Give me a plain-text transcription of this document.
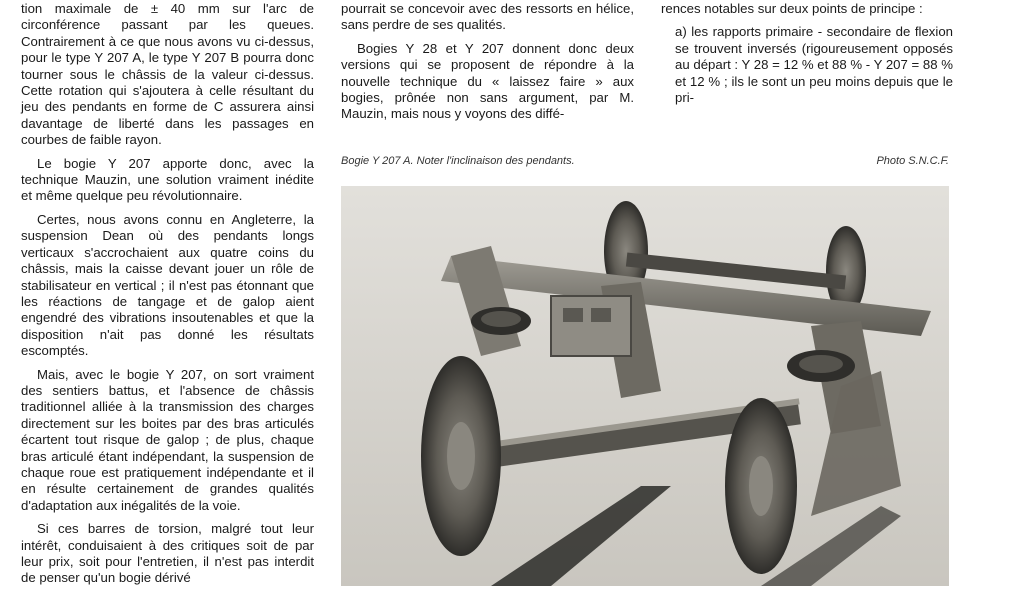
tion maximale de ± 40 mm sur l'arc de circonférence passant par les queues. Contrairement à ce que nous avons vu ci-dessus, pour le type Y 207 A, le type Y 207 B pourra donc tourner sous le châssis de la valeur ci-dessus. Cette rotation qui s'ajoutera à celle résultant du jeu des pendants en forme de C assurera ainsi davantage de liberté dans les passages en courbes de faible rayon.

Le bogie Y 207 apporte donc, avec la technique Mauzin, une solution vraiment inédite et même quelque peu révolutionnaire.

Certes, nous avons connu en Angleterre, la suspension Dean où des pendants longs verticaux s'accrochaient aux quatre coins du châssis, mais la caisse devant jouer un rôle de stabilisateur en vertical ; il n'est pas étonnant que les réactions de tangage et de galop aient engendré des vibrations insoutenables et que la disposition n'ait pas donné les résultats escomptés.

Mais, avec le bogie Y 207, on sort vraiment des sentiers battus, et l'absence de châssis traditionnel alliée à la transmission des charges directement sur les boites par des bras articulés écartent tout risque de galop ; de plus, chaque bras articulé étant indépendant, la suspension de chaque roue est pratiquement indépendante et il en résulte certainement de grandes qualités d'adaptation aux inégalités de la voie.

Si ces barres de torsion, malgré tout leur intérêt, conduisaient à des critiques soit de par leur prix, soit pour l'entretien, il n'est pas interdit de penser qu'un bogie dérivé

pourrait se concevoir avec des ressorts en hélice, sans perdre de ses qualités.

Bogies Y 28 et Y 207 donnent donc deux versions qui se proposent de répondre à la nouvelle technique du « laissez faire » aux bogies, prônée non sans argument, par M. Mauzin, mais nous y voyons des diffé-

rences notables sur deux points de principe :

a) les rapports primaire - secondaire de flexion se trouvent inversés (rigoureusement opposés au départ : Y 28 = 12 % et 88 % - Y 207 = 88 % et 12 % ; ils le sont un peu moins depuis que le pri-

Bogie Y 207 A. Noter l'inclinaison des pendants.	Photo S.N.C.F.
